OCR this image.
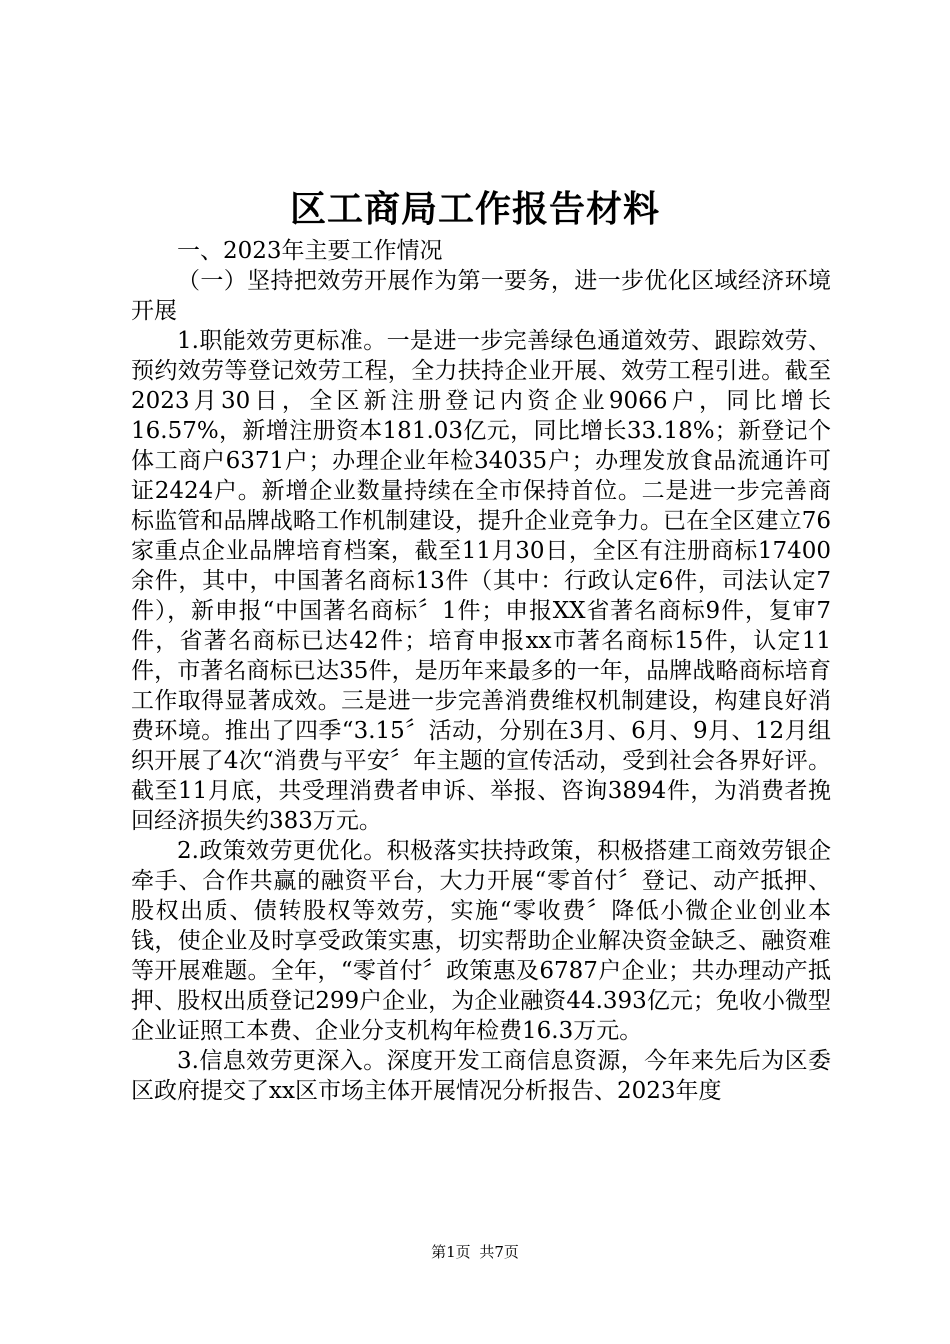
区工商局工作报告材料

一、2023年主要工作情况

（一）坚持把效劳开展作为第一要务，进一步优化区域经济环境开展

1.职能效劳更标准。一是进一步完善绿色通道效劳、跟踪效劳、预约效劳等登记效劳工程，全力扶持企业开展、效劳工程引进。截至2023月30日，全区新注册登记内资企业9066户，同比增长16.57%，新增注册资本181.03亿元，同比增长33.18%；新登记个体工商户6371户；办理企业年检34035户；办理发放食品流通许可证2424户。新增企业数量持续在全市保持首位。二是进一步完善商标监管和品牌战略工作机制建设，提升企业竞争力。已在全区建立76家重点企业品牌培育档案，截至11月30日，全区有注册商标17400余件，其中，中国著名商标13件（其中：行政认定6件，司法认定7件），新申报“中国著名商标〞1件；申报XX省著名商标9件，复审7件，省著名商标已达42件；培育申报xx市著名商标15件，认定11件，市著名商标已达35件，是历年来最多的一年，品牌战略商标培育工作取得显著成效。三是进一步完善消费维权机制建设，构建良好消费环境。推出了四季“3.15〞活动，分别在3月、6月、9月、12月组织开展了4次“消费与平安〞年主题的宣传活动，受到社会各界好评。截至11月底，共受理消费者申诉、举报、咨询3894件，为消费者挽回经济损失约383万元。

2.政策效劳更优化。积极落实扶持政策，积极搭建工商效劳银企牵手、合作共赢的融资平台，大力开展“零首付〞登记、动产抵押、股权出质、债转股权等效劳，实施“零收费〞降低小微企业创业本钱，使企业及时享受政策实惠，切实帮助企业解决资金缺乏、融资难等开展难题。全年，“零首付〞政策惠及6787户企业；共办理动产抵押、股权出质登记299户企业，为企业融资44.393亿元；免收小微型企业证照工本费、企业分支机构年检费16.3万元。

3.信息效劳更深入。深度开发工商信息资源，今年来先后为区委区政府提交了xx区市场主体开展情况分析报告、2023年度

第1页 共7页
